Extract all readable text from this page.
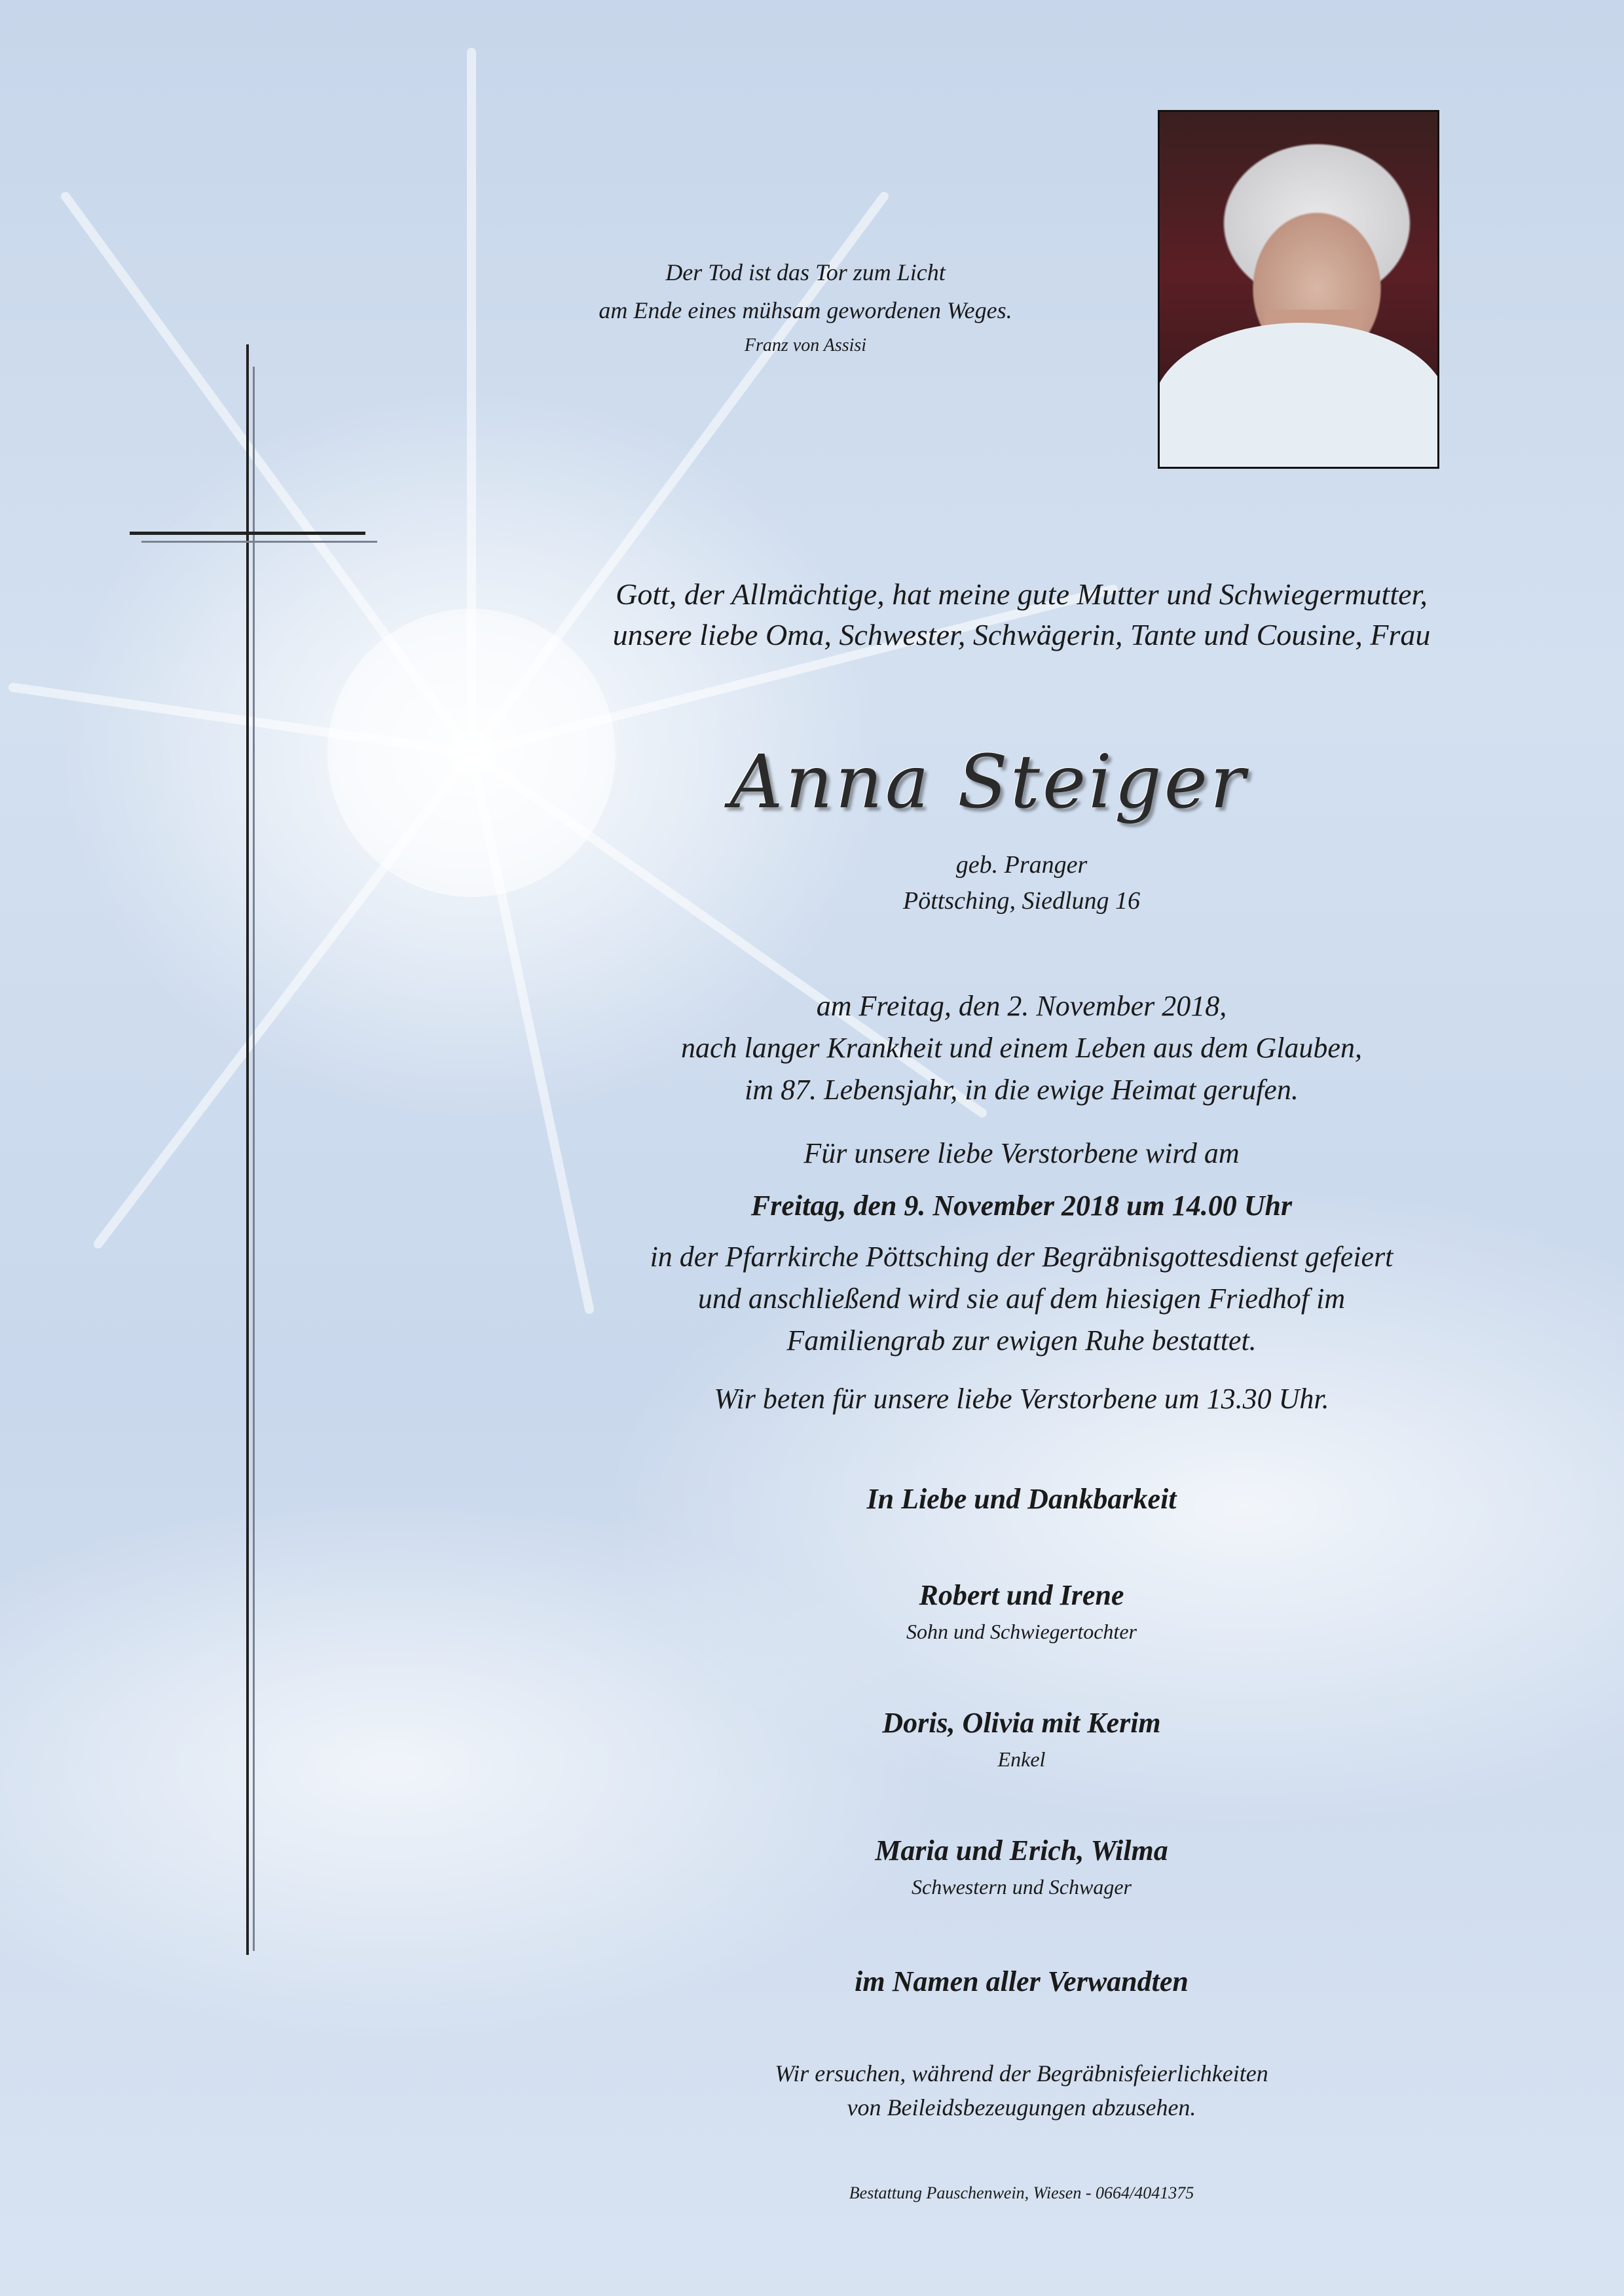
Der Tod ist das Tor zum Licht
am Ende eines mühsam gewordenen Weges.
Franz von Assisi
Gott, der Allmächtige, hat meine gute Mutter und Schwiegermutter,
unsere liebe Oma, Schwester, Schwägerin, Tante und Cousine, Frau
Anna Steiger
geb. Pranger
Pöttsching, Siedlung 16
am Freitag, den 2. November 2018,
nach langer Krankheit und einem Leben aus dem Glauben,
im 87. Lebensjahr, in die ewige Heimat gerufen.
Für unsere liebe Verstorbene wird am
Freitag, den 9. November 2018 um 14.00 Uhr
in der Pfarrkirche Pöttsching der Begräbnisgottesdienst gefeiert
und anschließend wird sie auf dem hiesigen Friedhof im
Familiengrab zur ewigen Ruhe bestattet.
Wir beten für unsere liebe Verstorbene um 13.30 Uhr.
In Liebe und Dankbarkeit
Robert und Irene
Sohn und Schwiegertochter
Doris, Olivia mit Kerim
Enkel
Maria und Erich, Wilma
Schwestern und Schwager
im Namen aller Verwandten
Wir ersuchen, während der Begräbnisfeierlichkeiten
von Beileidsbezeugungen abzusehen.
Bestattung Pauschenwein, Wiesen - 0664/4041375
